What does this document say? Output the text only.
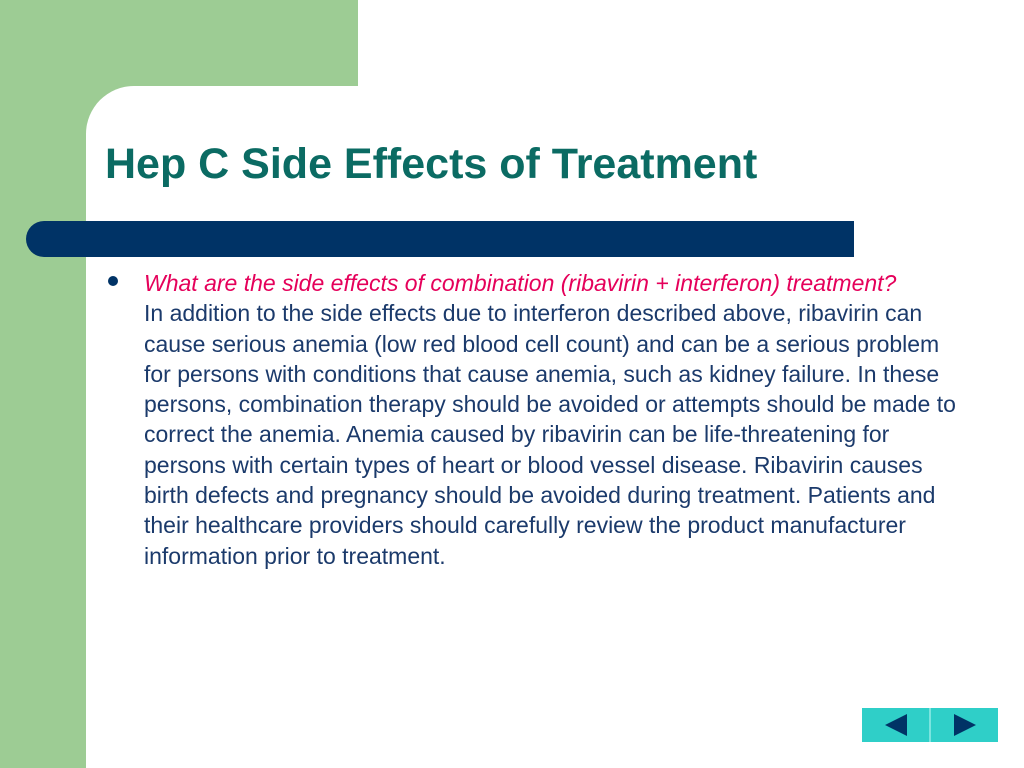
Hep C Side Effects of Treatment
What are the side effects of combination (ribavirin + interferon) treatment?
In addition to the side effects due to interferon described above, ribavirin can cause serious anemia (low red blood cell count) and can be a serious problem for persons with conditions that cause anemia, such as kidney failure. In these persons, combination therapy should be avoided or attempts should be made to correct the anemia. Anemia caused by ribavirin can be life-threatening for persons with certain types of heart or blood vessel disease. Ribavirin causes birth defects and pregnancy should be avoided during treatment. Patients and their healthcare providers should carefully review the product manufacturer information prior to treatment.
